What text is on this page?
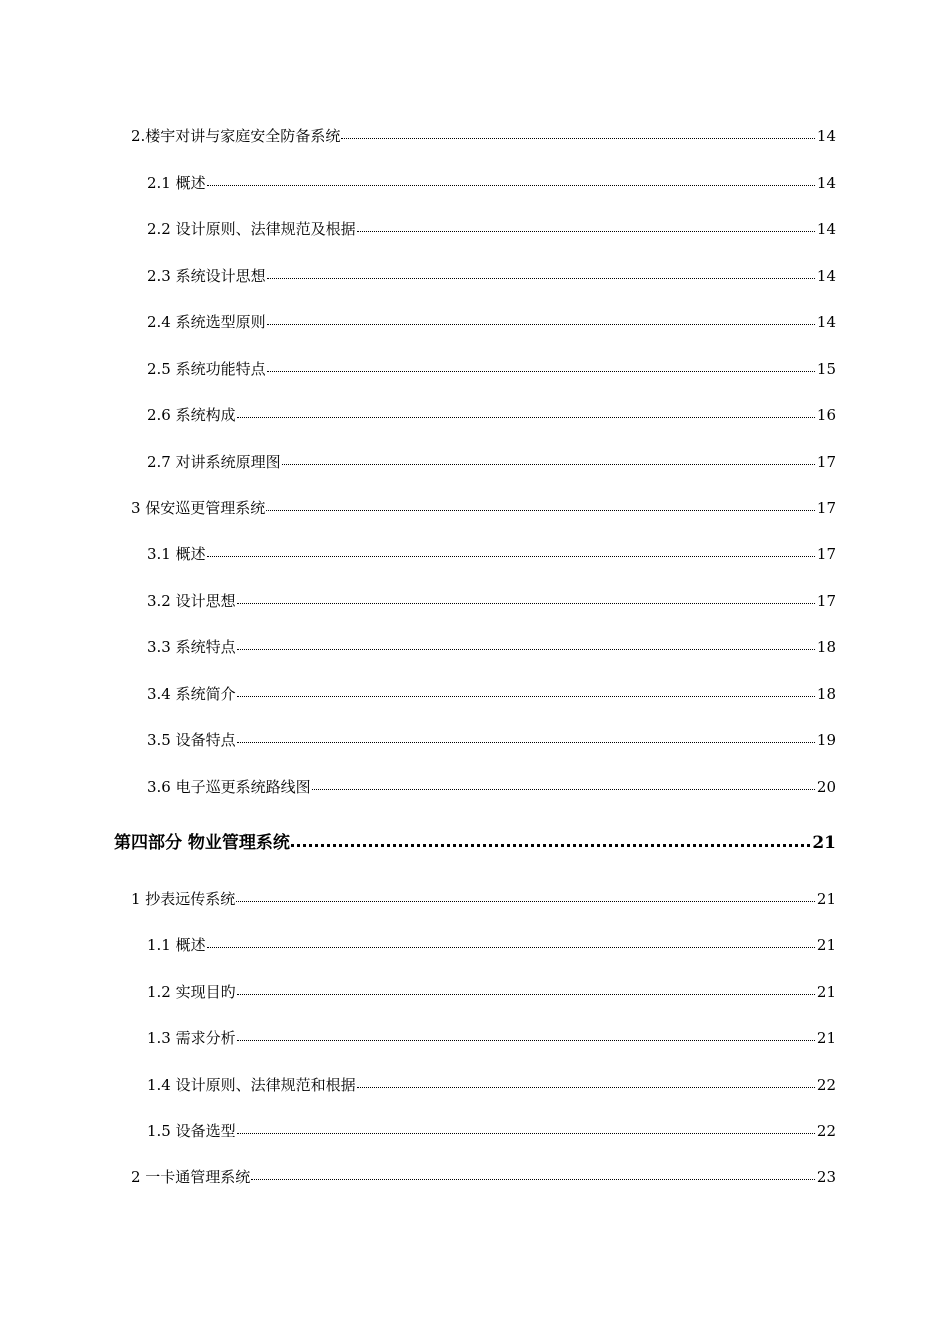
2.楼宇对讲与家庭安全防备系统	14
2.1 概述	14
2.2 设计原则、法律规范及根据	14
2.3 系统设计思想	14
2.4 系统选型原则	14
2.5 系统功能特点	15
2.6 系统构成	16
2.7 对讲系统原理图	17
3 保安巡更管理系统	17
3.1 概述	17
3.2 设计思想	17
3.3 系统特点	18
3.4 系统简介	18
3.5 设备特点	19
3.6 电子巡更系统路线图	20
第四部分 物业管理系统	21
1 抄表远传系统	21
1.1 概述	21
1.2 实现目旳	21
1.3 需求分析	21
1.4 设计原则、法律规范和根据	22
1.5 设备选型	22
2 一卡通管理系统	23
